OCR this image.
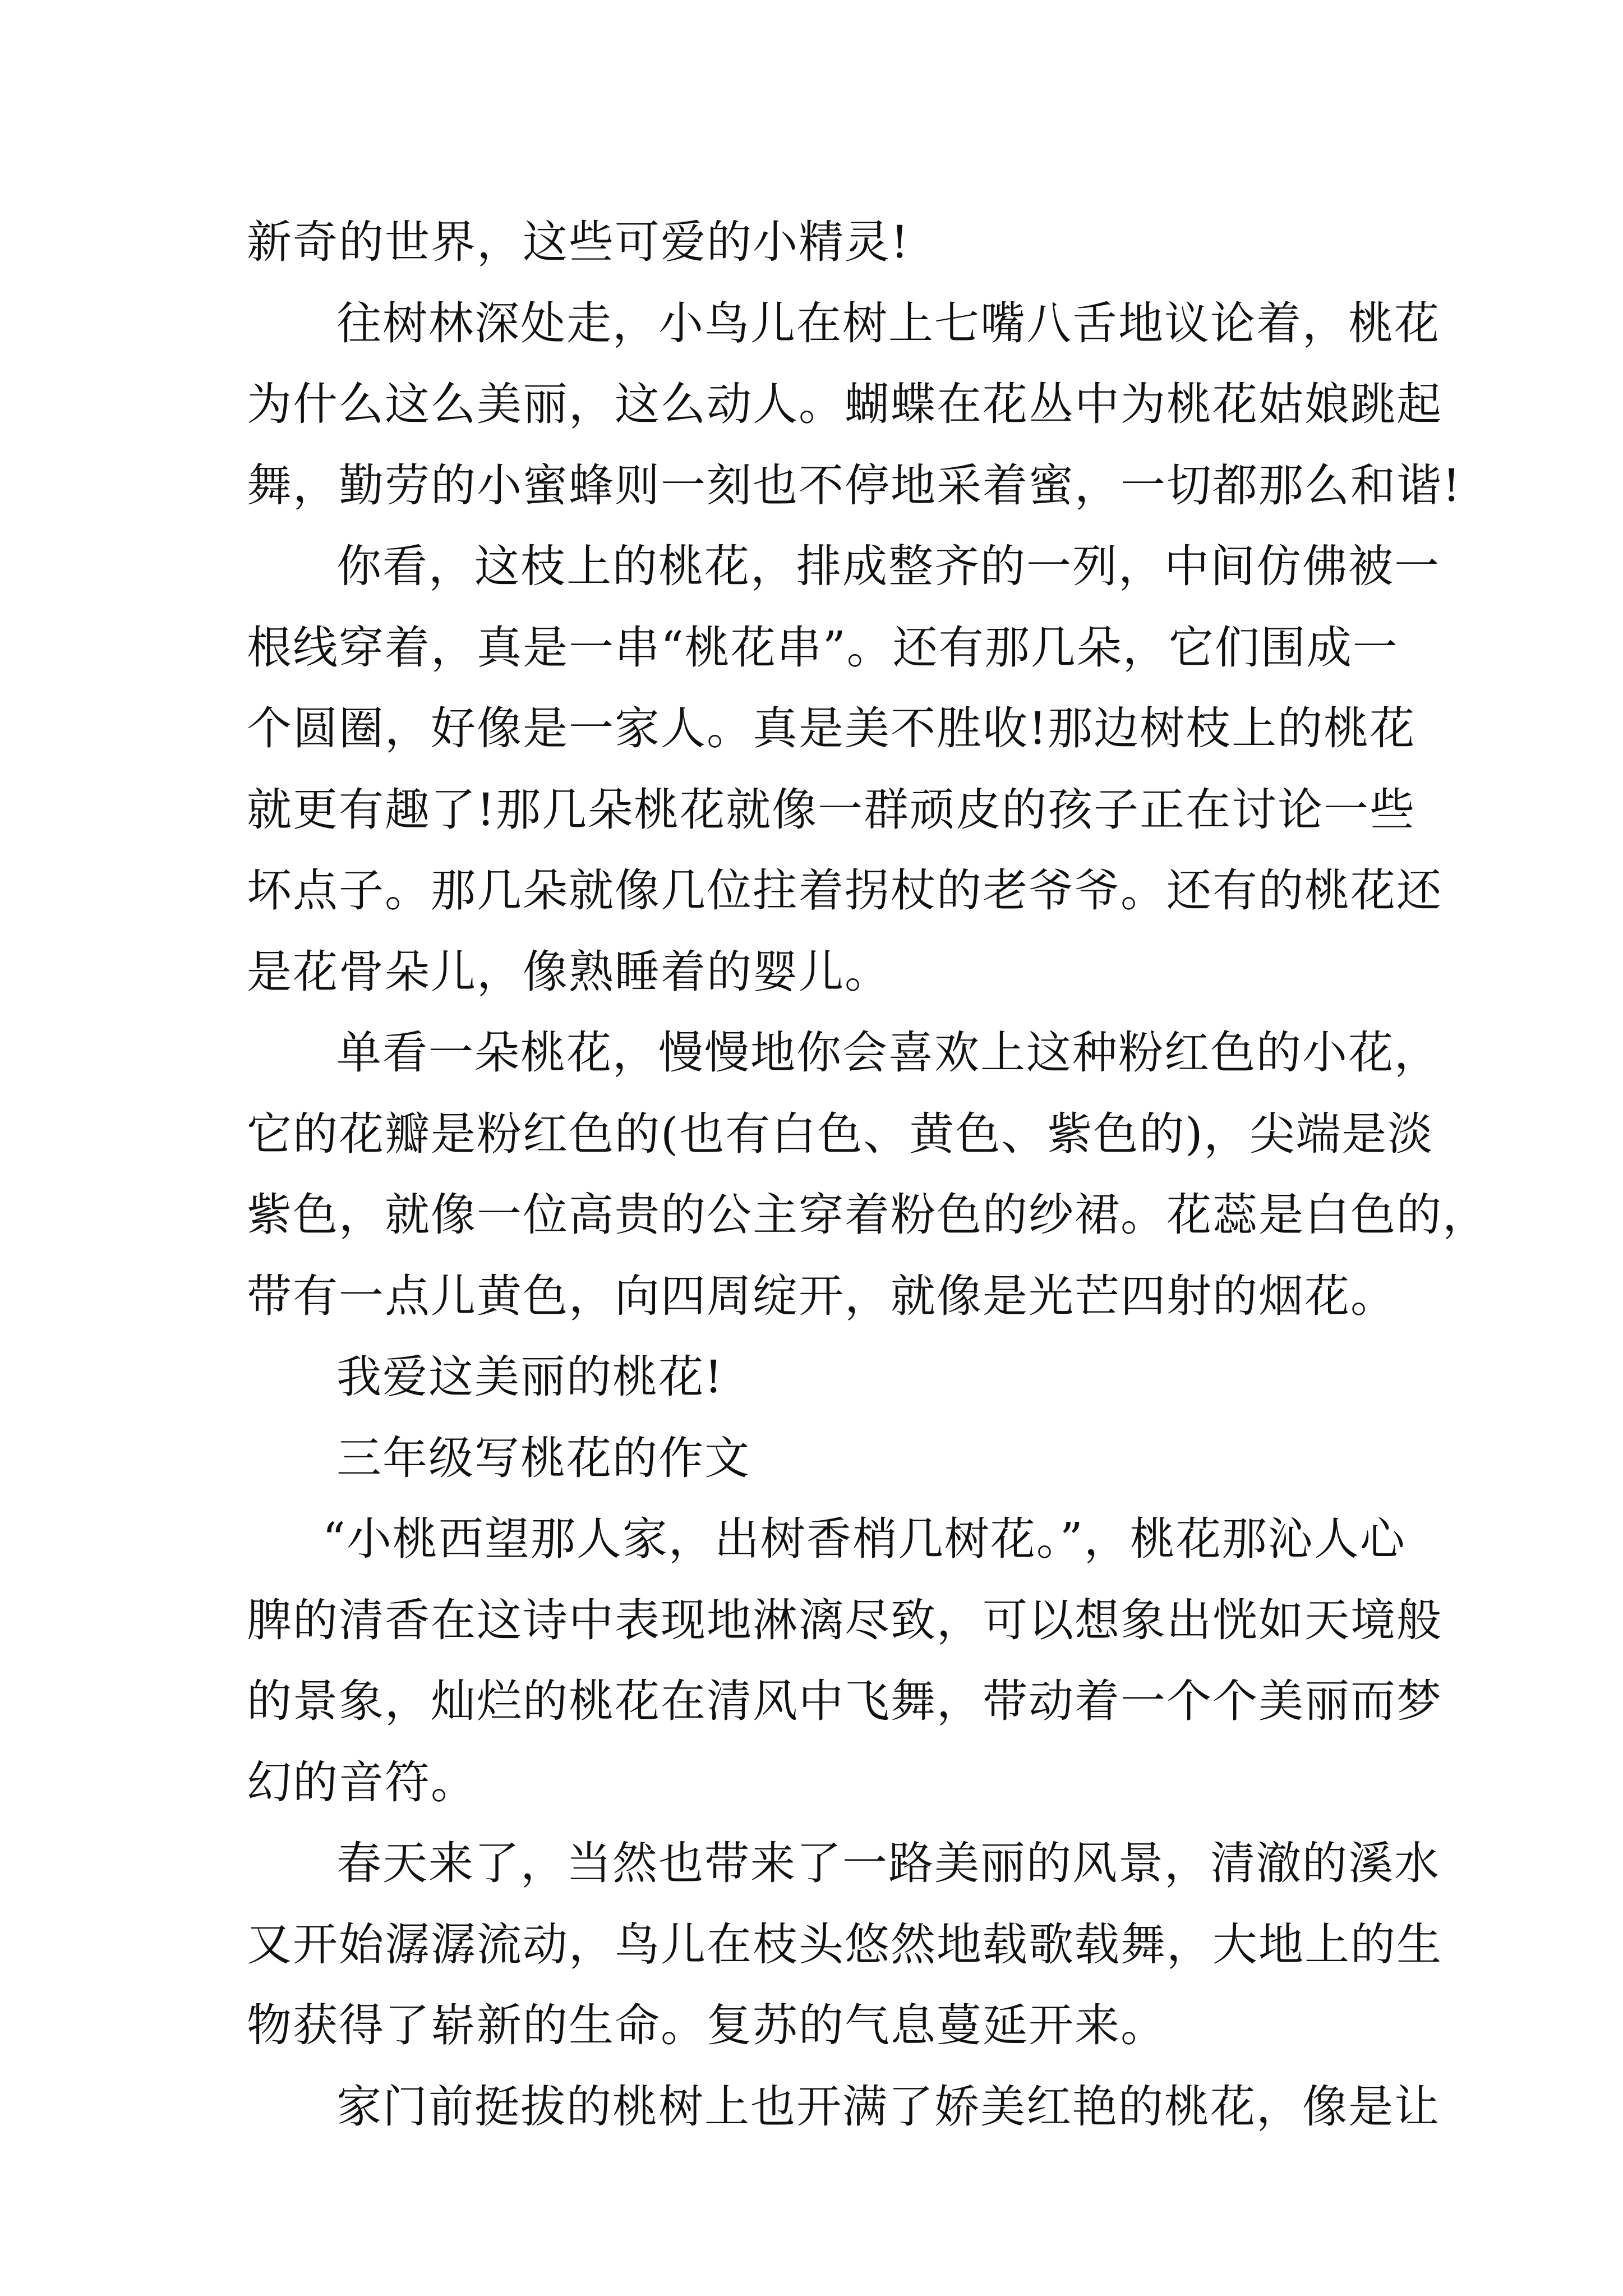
新奇的世界，这些可爱的小精灵!
往树林深处走，小鸟儿在树上七嘴八舌地议论着，桃花
为什么这么美丽，这么动人。蝴蝶在花丛中为桃花姑娘跳起
舞，勤劳的小蜜蜂则一刻也不停地采着蜜，一切都那么和谐!
你看，这枝上的桃花，排成整齐的一列，中间仿佛被一
根线穿着，真是一串“桃花串”。还有那几朵，它们围成一
个圆圈，好像是一家人。真是美不胜收!那边树枝上的桃花
就更有趣了!那几朵桃花就像一群顽皮的孩子正在讨论一些
坏点子。那几朵就像几位拄着拐杖的老爷爷。还有的桃花还
是花骨朵儿，像熟睡着的婴儿。
单看一朵桃花，慢慢地你会喜欢上这种粉红色的小花，
它的花瓣是粉红色的(也有白色、黄色、紫色的)，尖端是淡
紫色，就像一位高贵的公主穿着粉色的纱裙。花蕊是白色的，
带有一点儿黄色，向四周绽开，就像是光芒四射的烟花。
我爱这美丽的桃花!
三年级写桃花的作文
“小桃西望那人家，出树香梢几树花。”，桃花那沁人心
脾的清香在这诗中表现地淋漓尽致，可以想象出恍如天境般
的景象，灿烂的桃花在清风中飞舞，带动着一个个美丽而梦
幻的音符。
春天来了，当然也带来了一路美丽的风景，清澈的溪水
又开始潺潺流动，鸟儿在枝头悠然地载歌载舞，大地上的生
物获得了崭新的生命。复苏的气息蔓延开来。
家门前挺拔的桃树上也开满了娇美红艳的桃花，像是让
